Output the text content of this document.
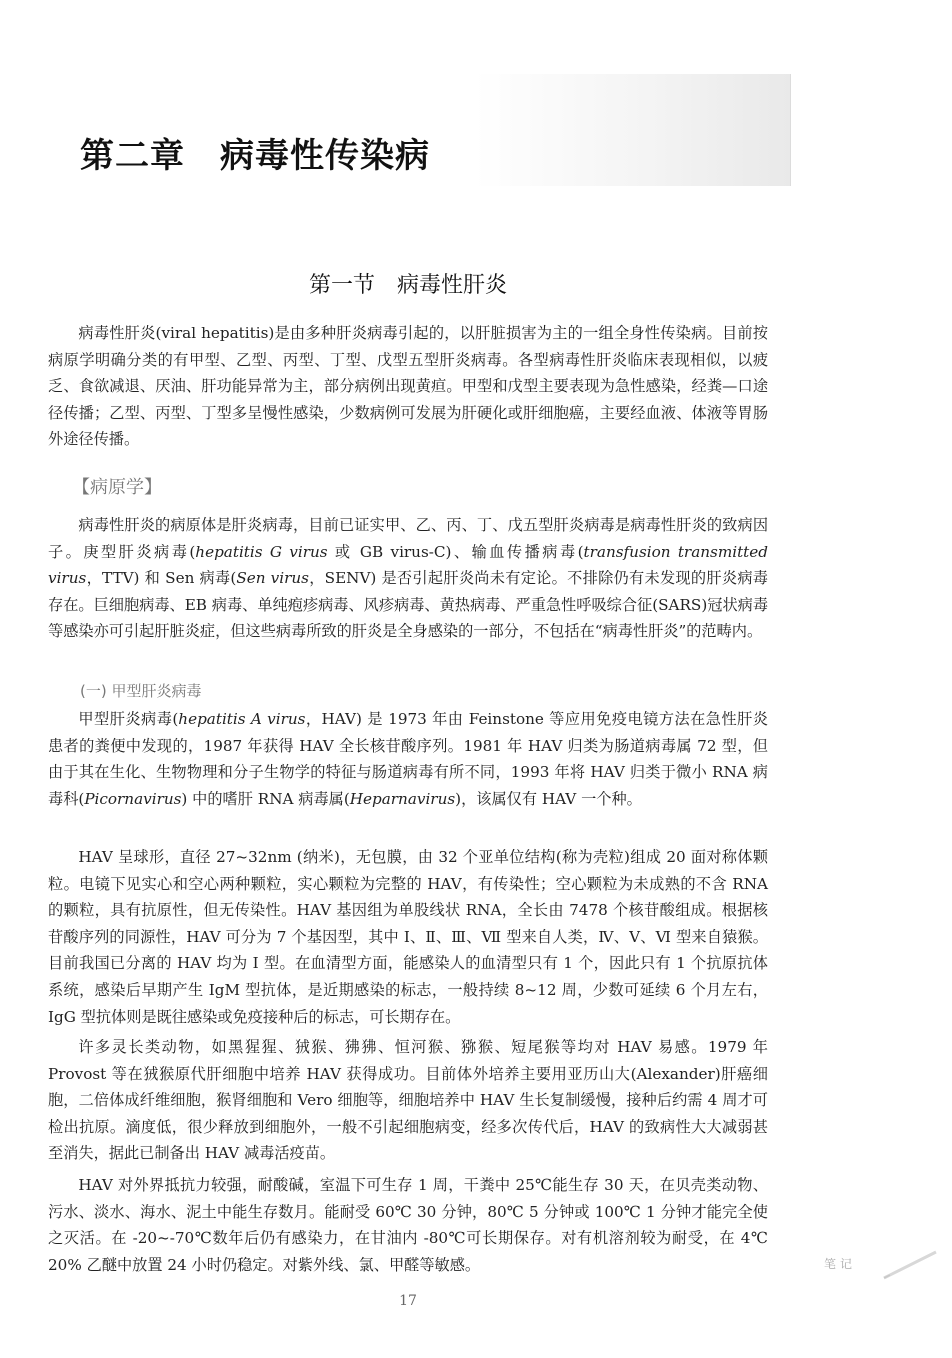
第二章　病毒性传染病
第一节　病毒性肝炎

病毒性肝炎(viral hepatitis)是由多种肝炎病毒引起的，以肝脏损害为主的一组全身性传染病。目前按病原学明确分类的有甲型、乙型、丙型、丁型、戊型五型肝炎病毒。各型病毒性肝炎临床表现相似，以疲乏、食欲减退、厌油、肝功能异常为主，部分病例出现黄疸。甲型和戊型主要表现为急性感染，经粪—口途径传播；乙型、丙型、丁型多呈慢性感染，少数病例可发展为肝硬化或肝细胞癌，主要经血液、体液等胃肠外途径传播。

【病原学】

病毒性肝炎的病原体是肝炎病毒，目前已证实甲、乙、丙、丁、戊五型肝炎病毒是病毒性肝炎的致病因子。庚型肝炎病毒(hepatitis G virus 或 GB virus-C)、输血传播病毒(transfusion transmitted virus，TTV) 和 Sen 病毒(Sen virus，SENV) 是否引起肝炎尚未有定论。不排除仍有未发现的肝炎病毒存在。巨细胞病毒、EB 病毒、单纯疱疹病毒、风疹病毒、黄热病毒、严重急性呼吸综合征(SARS)冠状病毒等感染亦可引起肝脏炎症，但这些病毒所致的肝炎是全身感染的一部分，不包括在“病毒性肝炎”的范畴内。

(一) 甲型肝炎病毒

甲型肝炎病毒(hepatitis A virus，HAV) 是 1973 年由 Feinstone 等应用免疫电镜方法在急性肝炎患者的粪便中发现的，1987 年获得 HAV 全长核苷酸序列。1981 年 HAV 归类为肠道病毒属 72 型，但由于其在生化、生物物理和分子生物学的特征与肠道病毒有所不同，1993 年将 HAV 归类于微小 RNA 病毒科(Picornavirus) 中的嗜肝 RNA 病毒属(Heparnavirus)，该属仅有 HAV 一个种。

HAV 呈球形，直径 27~32nm (纳米)，无包膜，由 32 个亚单位结构(称为壳粒)组成 20 面对称体颗粒。电镜下见实心和空心两种颗粒，实心颗粒为完整的 HAV，有传染性；空心颗粒为未成熟的不含 RNA 的颗粒，具有抗原性，但无传染性。HAV 基因组为单股线状 RNA，全长由 7478 个核苷酸组成。根据核苷酸序列的同源性，HAV 可分为 7 个基因型，其中 Ⅰ、Ⅱ、Ⅲ、Ⅶ 型来自人类，Ⅳ、Ⅴ、Ⅵ 型来自猿猴。目前我国已分离的 HAV 均为 Ⅰ 型。在血清型方面，能感染人的血清型只有 1 个，因此只有 1 个抗原抗体系统，感染后早期产生 IgM 型抗体，是近期感染的标志，一般持续 8~12 周，少数可延续 6 个月左右，IgG 型抗体则是既往感染或免疫接种后的标志，可长期存在。

许多灵长类动物，如黑猩猩、狨猴、狒狒、恒河猴、猕猴、短尾猴等均对 HAV 易感。1979 年 Provost 等在狨猴原代肝细胞中培养 HAV 获得成功。目前体外培养主要用亚历山大(Alexander)肝癌细胞，二倍体成纤维细胞，猴肾细胞和 Vero 细胞等，细胞培养中 HAV 生长复制缓慢，接种后约需 4 周才可检出抗原。滴度低，很少释放到细胞外，一般不引起细胞病变，经多次传代后，HAV 的致病性大大减弱甚至消失，据此已制备出 HAV 减毒活疫苗。

HAV 对外界抵抗力较强，耐酸碱，室温下可生存 1 周，干粪中 25℃能生存 30 天，在贝壳类动物、污水、淡水、海水、泥土中能生存数月。能耐受 60℃ 30 分钟，80℃ 5 分钟或 100℃ 1 分钟才能完全使之灭活。在 -20~-70℃数年后仍有感染力，在甘油内 -80℃可长期保存。对有机溶剂较为耐受，在 4℃ 20% 乙醚中放置 24 小时仍稳定。对紫外线、氯、甲醛等敏感。

17
笔记
